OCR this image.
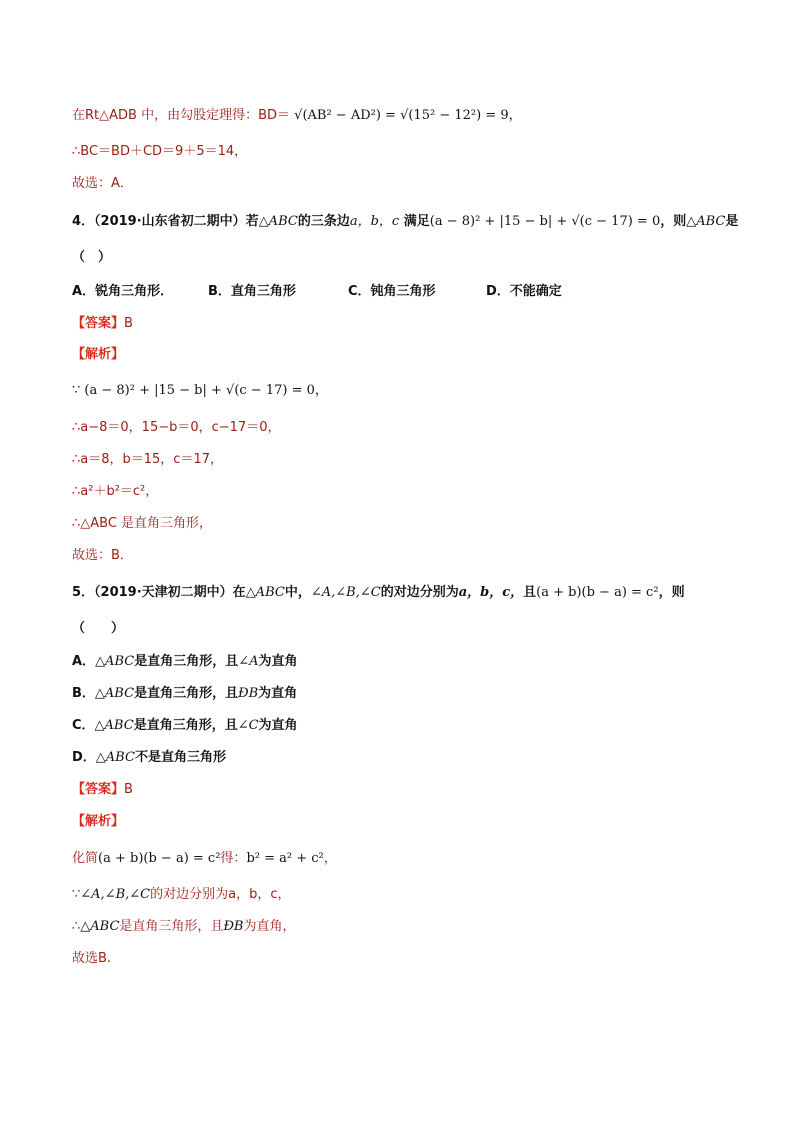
在Rt△ADB 中，由勾股定理得：BD＝ √(AB² − AD²) = √(15² − 12²) = 9，
∴BC＝BD＋CD＝9＋5＝14，
故选：A．
4．（2019·山东省初二期中）若△ABC的三条边a，b，c 满足(a − 8)² + |15 − b| + √(c − 17) = 0，则△ABC是
（　）
A．锐角三角形．	B．直角三角形	C．钝角三角形	D．不能确定
【答案】B
【解析】
∵ (a − 8)² + |15 − b| + √(c − 17) = 0，
∴a−8＝0，15−b＝0，c−17＝0，
∴a＝8，b＝15，c＝17，
∴a²＋b²＝c²，
∴△ABC 是直角三角形，
故选：B．
5．（2019·天津初二期中）在△ABC中，∠A,∠B,∠C的对边分别为a，b，c，且(a + b)(b − a) = c²，则
（　　）
A．△ABC是直角三角形，且∠A为直角
B．△ABC是直角三角形，且ÐB为直角
C．△ABC是直角三角形，且∠C为直角
D．△ABC不是直角三角形
【答案】B
【解析】
化简(a + b)(b − a) = c²得：b² = a² + c²，
∵∠A,∠B,∠C的对边分别为a，b，c，
∴△ABC是直角三角形，且ÐB为直角，
故选B.
